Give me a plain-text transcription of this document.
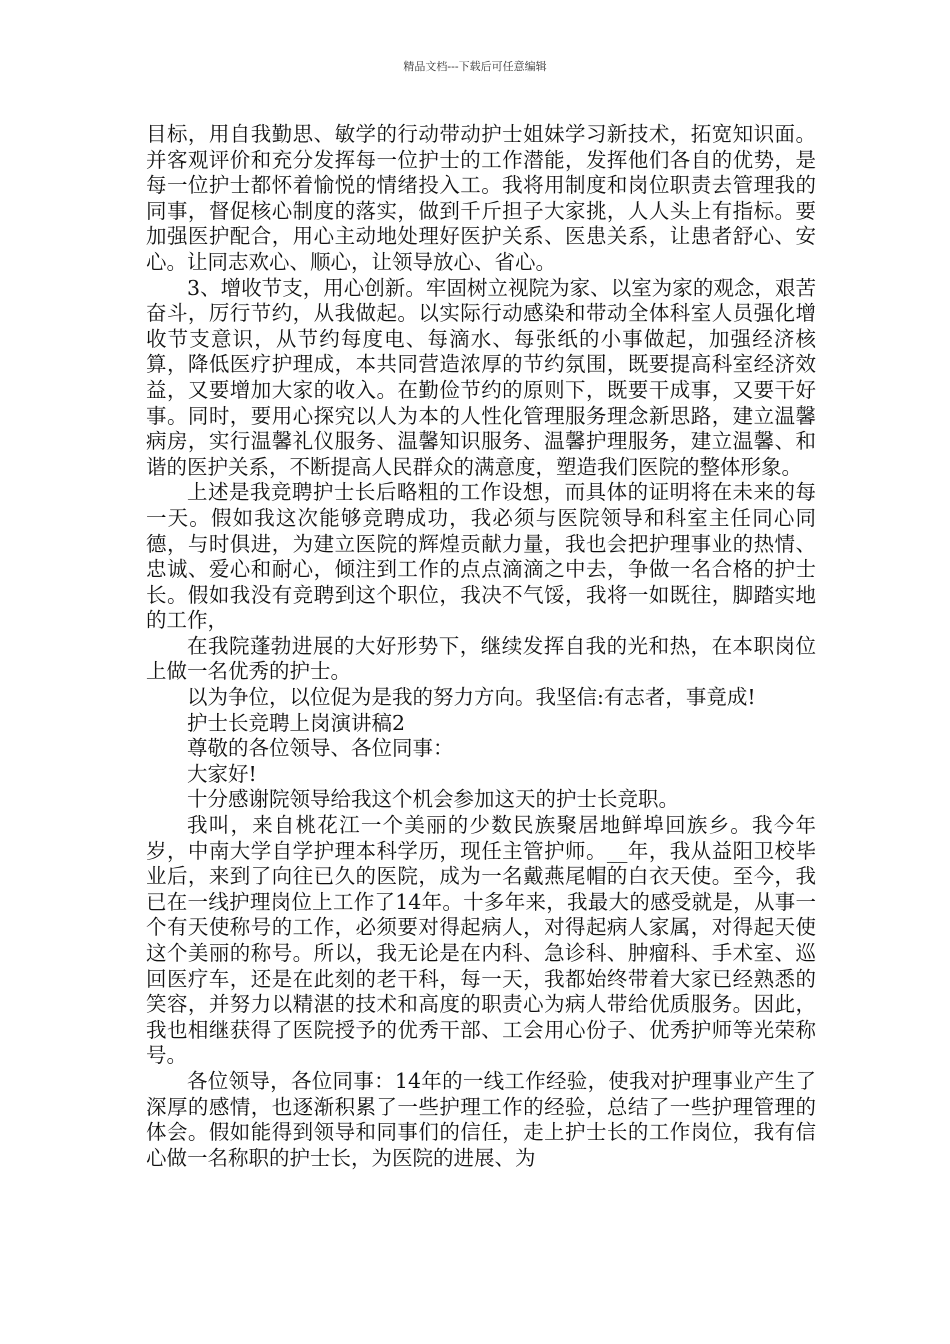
精品文档---下载后可任意编辑

目标，用自我勤思、敏学的行动带动护士姐妹学习新技术，拓宽知识面。并客观评价和充分发挥每一位护士的工作潜能，发挥他们各自的优势，是每一位护士都怀着愉悦的情绪投入工。我将用制度和岗位职责去管理我的同事，督促核心制度的落实，做到千斤担子大家挑，人人头上有指标。要加强医护配合，用心主动地处理好医护关系、医患关系，让患者舒心、安心。让同志欢心、顺心，让领导放心、省心。

3、增收节支，用心创新。牢固树立视院为家、以室为家的观念，艰苦奋斗，厉行节约，从我做起。以实际行动感染和带动全体科室人员强化增收节支意识，从节约每度电、每滴水、每张纸的小事做起，加强经济核算，降低医疗护理成，本共同营造浓厚的节约氛围，既要提高科室经济效益，又要增加大家的收入。在勤俭节约的原则下，既要干成事，又要干好事。同时，要用心探究以人为本的人性化管理服务理念新思路，建立温馨病房，实行温馨礼仪服务、温馨知识服务、温馨护理服务，建立温馨、和谐的医护关系，不断提高人民群众的满意度，塑造我们医院的整体形象。

上述是我竞聘护士长后略粗的工作设想，而具体的证明将在未来的每一天。假如我这次能够竞聘成功，我必须与医院领导和科室主任同心同德，与时俱进，为建立医院的辉煌贡献力量，我也会把护理事业的热情、忠诚、爱心和耐心，倾注到工作的点点滴滴之中去，争做一名合格的护士长。假如我没有竞聘到这个职位，我决不气馁，我将一如既往，脚踏实地的工作，

在我院蓬勃进展的大好形势下，继续发挥自我的光和热，在本职岗位上做一名优秀的护士。

以为争位，以位促为是我的努力方向。我坚信:有志者，事竟成!

护士长竞聘上岗演讲稿2

尊敬的各位领导、各位同事：

大家好!

十分感谢院领导给我这个机会参加这天的护士长竞职。

我叫，来自桃花江一个美丽的少数民族聚居地鲜埠回族乡。我今年岁，中南大学自学护理本科学历，现任主管护师。__年，我从益阳卫校毕业后，来到了向往已久的医院，成为一名戴燕尾帽的白衣天使。至今，我已在一线护理岗位上工作了14年。十多年来，我最大的感受就是，从事一个有天使称号的工作，必须要对得起病人，对得起病人家属，对得起天使这个美丽的称号。所以，我无论是在内科、急诊科、肿瘤科、手术室、巡回医疗车，还是在此刻的老干科，每一天，我都始终带着大家已经熟悉的笑容，并努力以精湛的技术和高度的职责心为病人带给优质服务。因此，我也相继获得了医院授予的优秀干部、工会用心份子、优秀护师等光荣称号。

各位领导，各位同事：14年的一线工作经验，使我对护理事业产生了深厚的感情，也逐渐积累了一些护理工作的经验，总结了一些护理管理的体会。假如能得到领导和同事们的信任，走上护士长的工作岗位，我有信心做一名称职的护士长，为医院的进展、为
